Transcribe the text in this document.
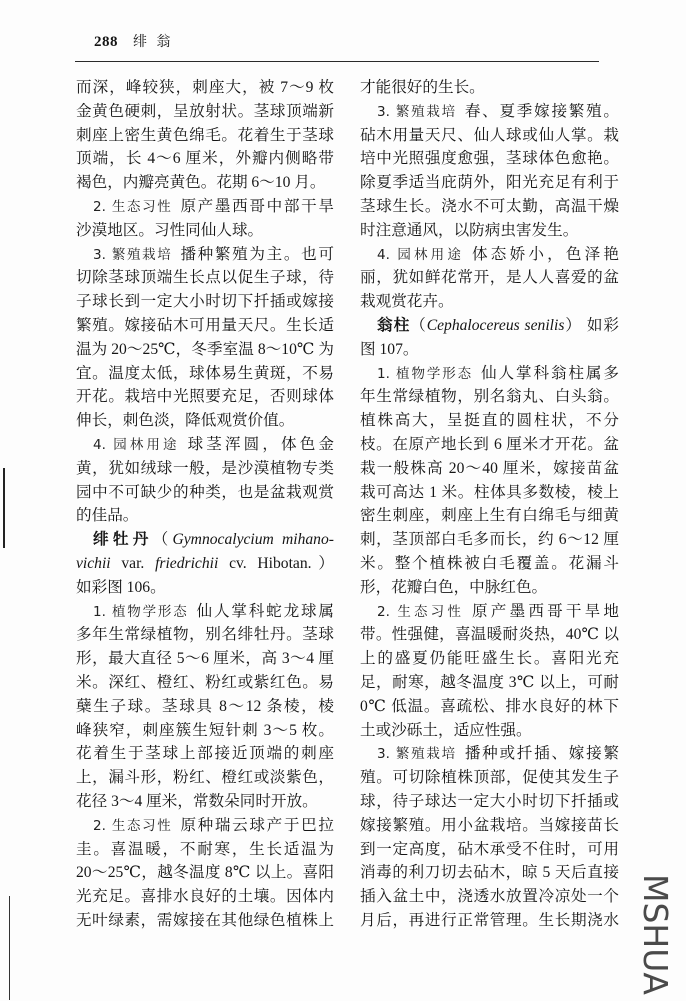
288 绯 翁
而深，峰较狭，刺座大，被 7～9 枚
金黄色硬刺，呈放射状。茎球顶端新
刺座上密生黄色绵毛。花着生于茎球
顶端，长 4～6 厘米，外瓣内侧略带
褐色，内瓣亮黄色。花期 6～10 月。
2. 生态习性 原产墨西哥中部干旱
沙漠地区。习性同仙人球。
3. 繁殖栽培 播种繁殖为主。也可
切除茎球顶端生长点以促生子球，待
子球长到一定大小时切下扦插或嫁接
繁殖。嫁接砧木可用量天尺。生长适
温为 20～25℃，冬季室温 8～10℃ 为
宜。温度太低，球体易生黄斑，不易
开花。栽培中光照要充足，否则球体
伸长，刺色淡，降低观赏价值。
4. 园林用途 球茎浑圆，体色金
黄，犹如绒球一般，是沙漠植物专类
园中不可缺少的种类，也是盆栽观赏
的佳品。
绯牡丹（Gymnocalycium mihano-
vichii var. friedrichii cv. Hibotan.）
如彩图 106。
1. 植物学形态 仙人掌科蛇龙球属
多年生常绿植物，别名绯牡丹。茎球
形，最大直径 5～6 厘米，高 3～4 厘
米。深红、橙红、粉红或紫红色。易
蘖生子球。茎球具 8～12 条棱，棱
峰狭窄，刺座簇生短针刺 3～5 枚。
花着生于茎球上部接近顶端的刺座
上，漏斗形，粉红、橙红或淡紫色，
花径 3～4 厘米，常数朵同时开放。
2. 生态习性 原种瑞云球产于巴拉
圭。喜温暖，不耐寒，生长适温为
20～25℃，越冬温度 8℃ 以上。喜阳
光充足。喜排水良好的土壤。因体内
无叶绿素，需嫁接在其他绿色植株上
才能很好的生长。
3. 繁殖栽培 春、夏季嫁接繁殖。
砧木用量天尺、仙人球或仙人掌。栽
培中光照强度愈强，茎球体色愈艳。
除夏季适当庇荫外，阳光充足有利于
茎球生长。浇水不可太勤，高温干燥
时注意通风，以防病虫害发生。
4. 园林用途 体态娇小，色泽艳
丽，犹如鲜花常开，是人人喜爱的盆
栽观赏花卉。
翁柱（Cephalocereus senilis） 如彩
图 107。
1. 植物学形态 仙人掌科翁柱属多
年生常绿植物，别名翁丸、白头翁。
植株高大，呈挺直的圆柱状，不分
枝。在原产地长到 6 厘米才开花。盆
栽一般株高 20～40 厘米，嫁接苗盆
栽可高达 1 米。柱体具多数棱，棱上
密生刺座，刺座上生有白绵毛与细黄
刺，茎顶部白毛多而长，约 6～12 厘
米。整个植株被白毛覆盖。花漏斗
形，花瓣白色，中脉红色。
2. 生态习性 原产墨西哥干旱地
带。性强健，喜温暖耐炎热，40℃ 以
上的盛夏仍能旺盛生长。喜阳光充
足，耐寒，越冬温度 3℃ 以上，可耐
0℃ 低温。喜疏松、排水良好的林下
土或沙砾土，适应性强。
3. 繁殖栽培 播种或扦插、嫁接繁
殖。可切除植株顶部，促使其发生子
球，待子球达一定大小时切下扦插或
嫁接繁殖。用小盆栽培。当嫁接苗长
到一定高度，砧木承受不住时，可用
消毒的利刀切去砧木，晾 5 天后直接
插入盆土中，浇透水放置冷凉处一个
月后，再进行正常管理。生长期浇水 MSHUA
